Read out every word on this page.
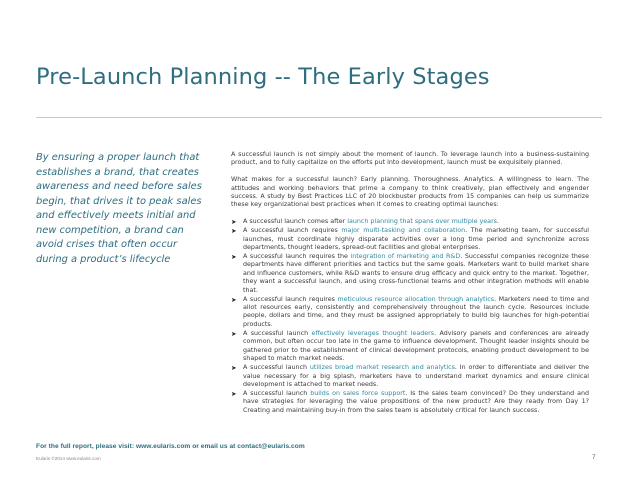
Pre-Launch Planning -- The Early Stages
By ensuring a proper launch that establishes a brand, that creates awareness and need before sales begin, that drives it to peak sales and effectively meets initial and new competition, a brand can avoid crises that often occur during a product’s lifecycle

A successful launch is not simply about the moment of launch. To leverage launch into a business-sustaining product, and to fully capitalize on the efforts put into development, launch must be exquisitely planned.

What makes for a successful launch? Early planning. Thoroughness. Analytics. A willingness to learn. The attitudes and working behaviors that prime a company to think creatively, plan effectively and engender success. A study by Best Practices LLC of 20 blockbuster products from 15 companies can help us summarize these key organizational best practices when it comes to creating optimal launches:

➤ A successful launch comes after launch planning that spans over multiple years.
➤ A successful launch requires major multi-tasking and collaboration. The marketing team, for successful launches, must coordinate highly disparate activities over a long time period and synchronize across departments, thought leaders, spread-out facilities and global enterprises.
➤ A successful launch requires the integration of marketing and R&D. Successful companies recognize these departments have different priorities and tactics but the same goals. Marketers want to build market share and influence customers, while R&D wants to ensure drug efficacy and quick entry to the market. Together, they want a successful launch, and using cross-functional teams and other integration methods will enable that.
➤ A successful launch requires meticulous resource allocation through analytics. Marketers need to time and allot resources early, consistently and comprehensively throughout the launch cycle. Resources include people, dollars and time, and they must be assigned appropriately to build big launches for high-potential products.
➤ A successful launch effectively leverages thought leaders. Advisory panels and conferences are already common, but often occur too late in the game to influence development. Thought leader insights should be gathered prior to the establishment of clinical development protocols, enabling product development to be shaped to match market needs.
➤ A successful launch utilizes broad market research and analytics. In order to differentiate and deliver the value necessary for a big splash, marketers have to understand market dynamics and ensure clinical development is attached to market needs.
➤ A successful launch builds on sales force support. Is the sales team convinced? Do they understand and have strategies for leveraging the value propositions of the new product? Are they ready from Day 1? Creating and maintaining buy-in from the sales team is absolutely critical for launch success.
For the full report, please visit: www.eularis.com or email us at contact@eularis.com
Eularis ©2014 www.eularis.com	7
